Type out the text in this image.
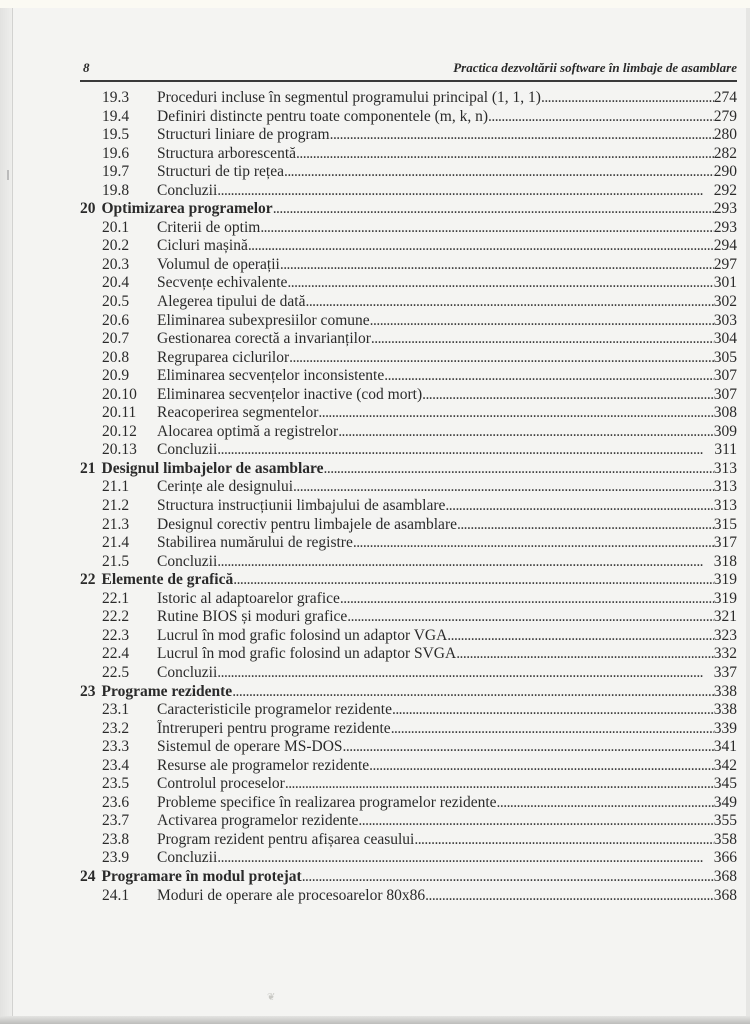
8	Practica dezvoltării software în limbaje de asamblare
19.3	Proceduri incluse în segmentul programului principal (1, 1, 1) . . .	274
19.4	Definiri distincte pentru toate componentele (m, k, n) . . .	279
19.5	Structuri liniare de program . . .	280
19.6	Structura arborescentă . . .	282
19.7	Structuri de tip rețea . . .	290
19.8	Concluzii . . .	292
20 Optimizarea programelor . . .	293
20.1	Criterii de optim . . .	293
20.2	Cicluri mașină . . .	294
20.3	Volumul de operații . . .	297
20.4	Secvențe echivalente . . .	301
20.5	Alegerea tipului de dată . . .	302
20.6	Eliminarea subexpresiilor comune . . .	303
20.7	Gestionarea corectă a invarianților . . .	304
20.8	Regruparea ciclurilor . . .	305
20.9	Eliminarea secvențelor inconsistente . . .	307
20.10	Eliminarea secvențelor inactive (cod mort) . . .	307
20.11	Reacoperirea segmentelor . . .	308
20.12	Alocarea optimă a registrelor . . .	309
20.13	Concluzii . . .	311
21 Designul limbajelor de asamblare . . .	313
21.1	Cerințe ale designului . . .	313
21.2	Structura instrucțiunii limbajului de asamblare . . .	313
21.3	Designul corectiv pentru limbajele de asamblare . . .	315
21.4	Stabilirea numărului de registre . . .	317
21.5	Concluzii . . .	318
22 Elemente de grafică . . .	319
22.1	Istoric al adaptoarelor grafice . . .	319
22.2	Rutine BIOS și moduri grafice . . .	321
22.3	Lucrul în mod grafic folosind un adaptor VGA . . .	323
22.4	Lucrul în mod grafic folosind un adaptor SVGA . . .	332
22.5	Concluzii . . .	337
23 Programe rezidente . . .	338
23.1	Caracteristicile programelor rezidente . . .	338
23.2	Întreruperi pentru programe rezidente . . .	339
23.3	Sistemul de operare MS-DOS . . .	341
23.4	Resurse ale programelor rezidente . . .	342
23.5	Controlul proceselor . . .	345
23.6	Probleme specifice în realizarea programelor rezidente . . .	349
23.7	Activarea programelor rezidente . . .	355
23.8	Program rezident pentru afișarea ceasului . . .	358
23.9	Concluzii . . .	366
24 Programare în modul protejat . . .	368
24.1	Moduri de operare ale procesoarelor 80x86 . . .	368
❦
